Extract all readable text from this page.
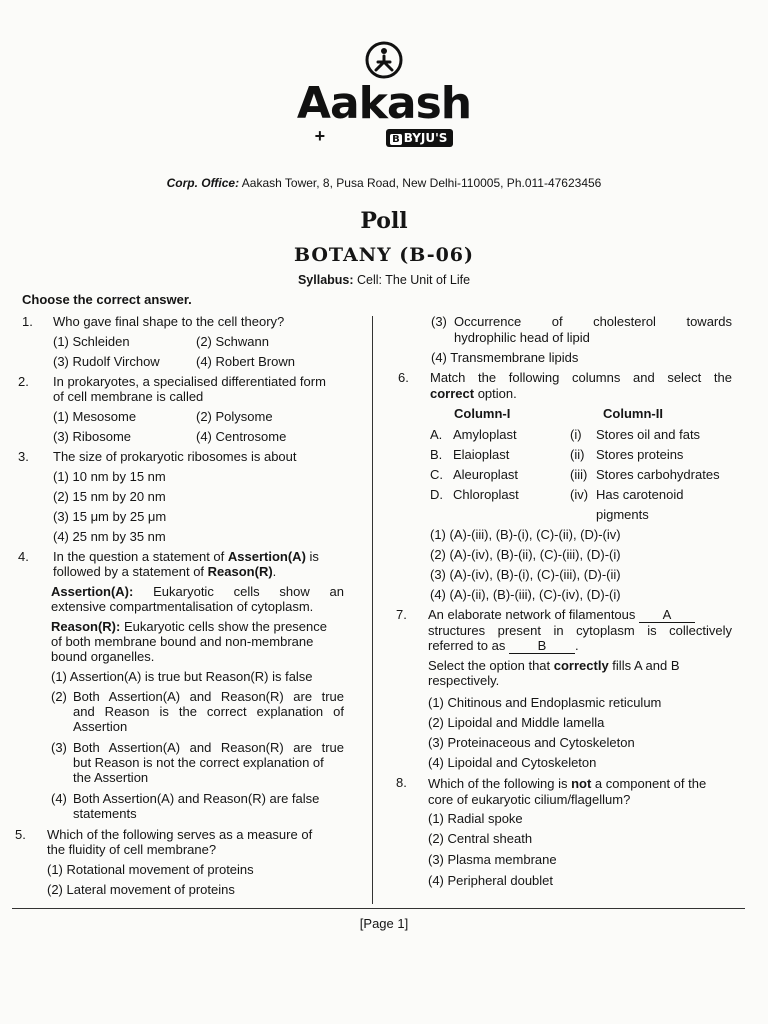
Aakash
+	B BYJU'S
Corp. Office: Aakash Tower, 8, Pusa Road, New Delhi-110005, Ph.011-47623456
Poll
BOTANY (B-06)
Syllabus: Cell: The Unit of Life
Choose the correct answer.
1. Who gave final shape to the cell theory?
(1) Schleiden	(2) Schwann
(3) Rudolf Virchow	(4) Robert Brown
2. In prokaryotes, a specialised differentiated form
of cell membrane is called
(1) Mesosome	(2) Polysome
(3) Ribosome	(4) Centrosome
3. The size of prokaryotic ribosomes is about
(1) 10 nm by 15 nm
(2) 15 nm by 20 nm
(3) 15 μm by 25 μm
(4) 25 nm by 35 nm
4. In the question a statement of Assertion(A) is
followed by a statement of Reason(R).
Assertion(A): Eukaryotic cells show an
extensive compartmentalisation of cytoplasm.
Reason(R): Eukaryotic cells show the presence
of both membrane bound and non-membrane
bound organelles.
(1) Assertion(A) is true but Reason(R) is false
(2) Both Assertion(A) and Reason(R) are true
and Reason is the correct explanation of
Assertion
(3) Both Assertion(A) and Reason(R) are true
but Reason is not the correct explanation of
the Assertion
(4) Both Assertion(A) and Reason(R) are false
statements
5. Which of the following serves as a measure of
the fluidity of cell membrane?
(1) Rotational movement of proteins
(2) Lateral movement of proteins
(3) Occurrence of cholesterol towards
hydrophilic head of lipid
(4) Transmembrane lipids
6. Match the following columns and select the
correct option.
Column-I	Column-II
A. Amyloplast	(i) Stores oil and fats
B. Elaioplast	(ii) Stores proteins
C. Aleuroplast	(iii) Stores carbohydrates
D. Chloroplast	(iv) Has carotenoid
pigments
(1) (A)-(iii), (B)-(i), (C)-(ii), (D)-(iv)
(2) (A)-(iv), (B)-(ii), (C)-(iii), (D)-(i)
(3) (A)-(iv), (B)-(i), (C)-(iii), (D)-(ii)
(4) (A)-(ii), (B)-(iii), (C)-(iv), (D)-(i)
7. An elaborate network of filamentous A
structures present in cytoplasm is collectively
referred to as B .
Select the option that correctly fills A and B
respectively.
(1) Chitinous and Endoplasmic reticulum
(2) Lipoidal and Middle lamella
(3) Proteinaceous and Cytoskeleton
(4) Lipoidal and Cytoskeleton
8. Which of the following is not a component of the
core of eukaryotic cilium/flagellum?
(1) Radial spoke
(2) Central sheath
(3) Plasma membrane
(4) Peripheral doublet
[Page 1]
